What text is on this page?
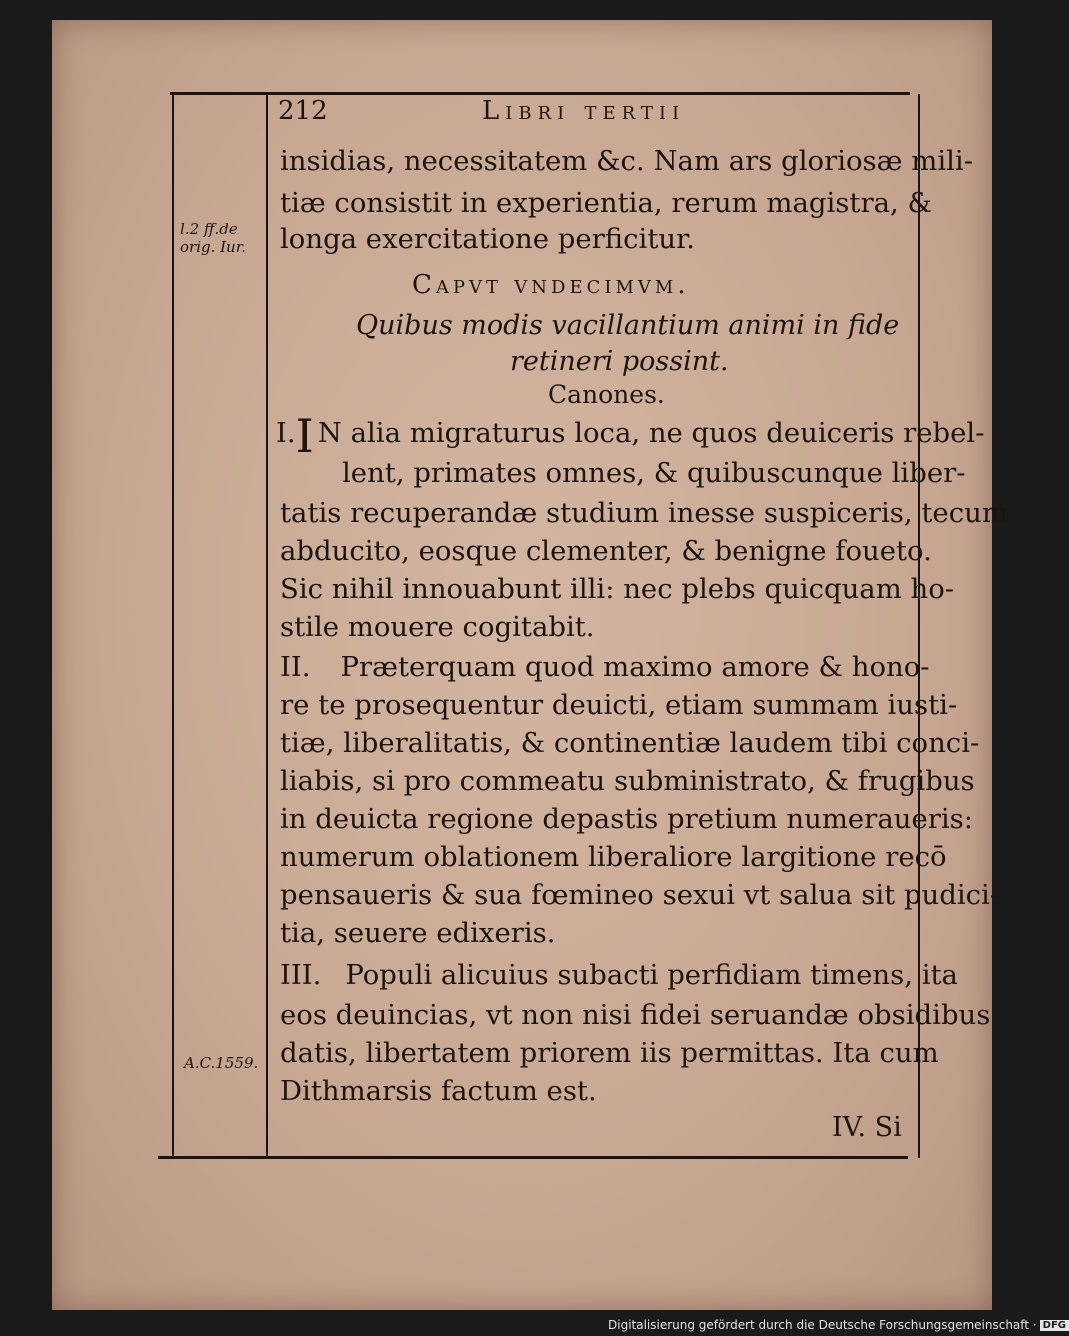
212	Libri tertii
l.2 ff.de
orig. Iur.
A.C.1559.
insidias, necessitatem &c. Nam ars gloriosæ mili-
tiæ consistit in experientia, rerum magistra, &
longa exercitatione perficitur.
Capvt vndecimvm.
Quibus modis vacillantium animi in fide
retineri possint.
Canones.
I.I N alia migraturus loca, ne quos deuiceris rebel-
lent, primates omnes, & quibuscunque liber-
tatis recuperandæ studium inesse suspiceris, tecum
abducito, eosque clementer, & benigne foueto.
Sic nihil innouabunt illi: nec plebs quicquam ho-
stile mouere cogitabit.
II. Præterquam quod maximo amore & hono-
re te prosequentur deuicti, etiam summam iusti-
tiæ, liberalitatis, & continentiæ laudem tibi conci-
liabis, si pro commeatu subministrato, & frugibus
in deuicta regione depastis pretium numeraueris:
numerum oblationem liberaliore largitione recō
pensaueris & sua fœmineo sexui vt salua sit pudici-
tia, seuere edixeris.
III. Populi alicuius subacti perfidiam timens, ita
eos deuincias, vt non nisi fidei seruandæ obsidibus
datis, libertatem priorem iis permittas. Ita cum
Dithmarsis factum est.
IV. Si
Digitalisierung gefördert durch die Deutsche Forschungsgemeinschaft · DFG
